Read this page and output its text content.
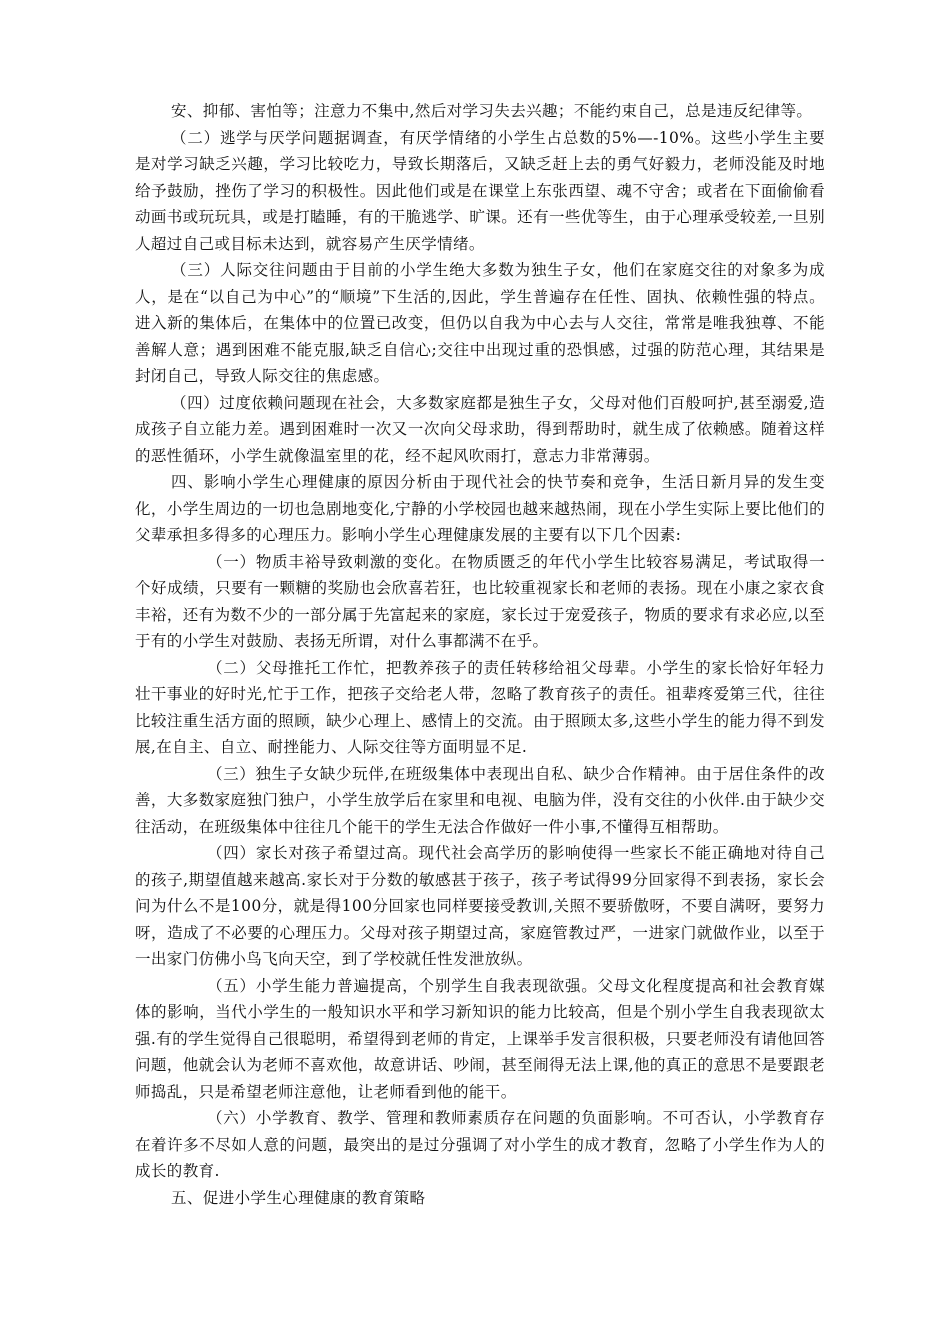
安、抑郁、害怕等；注意力不集中,然后对学习失去兴趣；不能约束自己，总是违反纪律等。

（二）逃学与厌学问题据调查，有厌学情绪的小学生占总数的5%—-10%。这些小学生主要是对学习缺乏兴趣，学习比较吃力，导致长期落后，又缺乏赶上去的勇气好毅力，老师没能及时地给予鼓励，挫伤了学习的积极性。因此他们或是在课堂上东张西望、魂不守舍；或者在下面偷偷看动画书或玩玩具，或是打瞌睡，有的干脆逃学、旷课。还有一些优等生，由于心理承受较差,一旦别人超过自己或目标未达到，就容易产生厌学情绪。

（三）人际交往问题由于目前的小学生绝大多数为独生子女，他们在家庭交往的对象多为成人，是在“以自己为中心”的“顺境”下生活的,因此，学生普遍存在任性、固执、依赖性强的特点。进入新的集体后，在集体中的位置已改变，但仍以自我为中心去与人交往，常常是唯我独尊、不能善解人意；遇到困难不能克服,缺乏自信心;交往中出现过重的恐惧感，过强的防范心理，其结果是封闭自己，导致人际交往的焦虑感。

（四）过度依赖问题现在社会，大多数家庭都是独生子女，父母对他们百般呵护,甚至溺爱,造成孩子自立能力差。遇到困难时一次又一次向父母求助，得到帮助时，就生成了依赖感。随着这样的恶性循环，小学生就像温室里的花，经不起风吹雨打，意志力非常薄弱。

四、影响小学生心理健康的原因分析由于现代社会的快节奏和竞争，生活日新月异的发生变化，小学生周边的一切也急剧地变化,宁静的小学校园也越来越热闹，现在小学生实际上要比他们的父辈承担多得多的心理压力。影响小学生心理健康发展的主要有以下几个因素:

（一）物质丰裕导致刺激的变化。在物质匮乏的年代小学生比较容易满足，考试取得一个好成绩，只要有一颗糖的奖励也会欣喜若狂，也比较重视家长和老师的表扬。现在小康之家衣食丰裕，还有为数不少的一部分属于先富起来的家庭，家长过于宠爱孩子，物质的要求有求必应,以至于有的小学生对鼓励、表扬无所谓，对什么事都满不在乎。

（二）父母推托工作忙，把教养孩子的责任转移给祖父母辈。小学生的家长恰好年轻力壮干事业的好时光,忙于工作，把孩子交给老人带，忽略了教育孩子的责任。祖辈疼爱第三代，往往比较注重生活方面的照顾，缺少心理上、感情上的交流。由于照顾太多,这些小学生的能力得不到发展,在自主、自立、耐挫能力、人际交往等方面明显不足.

（三）独生子女缺少玩伴,在班级集体中表现出自私、缺少合作精神。由于居住条件的改善，大多数家庭独门独户，小学生放学后在家里和电视、电脑为伴，没有交往的小伙伴.由于缺少交往活动，在班级集体中往往几个能干的学生无法合作做好一件小事,不懂得互相帮助。

（四）家长对孩子希望过高。现代社会高学历的影响使得一些家长不能正确地对待自己的孩子,期望值越来越高.家长对于分数的敏感甚于孩子，孩子考试得99分回家得不到表扬，家长会问为什么不是100分，就是得100分回家也同样要接受教训,关照不要骄傲呀，不要自满呀，要努力呀，造成了不必要的心理压力。父母对孩子期望过高，家庭管教过严，一进家门就做作业，以至于一出家门仿佛小鸟飞向天空，到了学校就任性发泄放纵。

（五）小学生能力普遍提高，个别学生自我表现欲强。父母文化程度提高和社会教育媒体的影响，当代小学生的一般知识水平和学习新知识的能力比较高，但是个别小学生自我表现欲太强.有的学生觉得自己很聪明，希望得到老师的肯定，上课举手发言很积极，只要老师没有请他回答问题，他就会认为老师不喜欢他，故意讲话、吵闹，甚至闹得无法上课,他的真正的意思不是要跟老师捣乱，只是希望老师注意他，让老师看到他的能干。

（六）小学教育、教学、管理和教师素质存在问题的负面影响。不可否认，小学教育存在着许多不尽如人意的问题，最突出的是过分强调了对小学生的成才教育，忽略了小学生作为人的成长的教育.

五、促进小学生心理健康的教育策略
